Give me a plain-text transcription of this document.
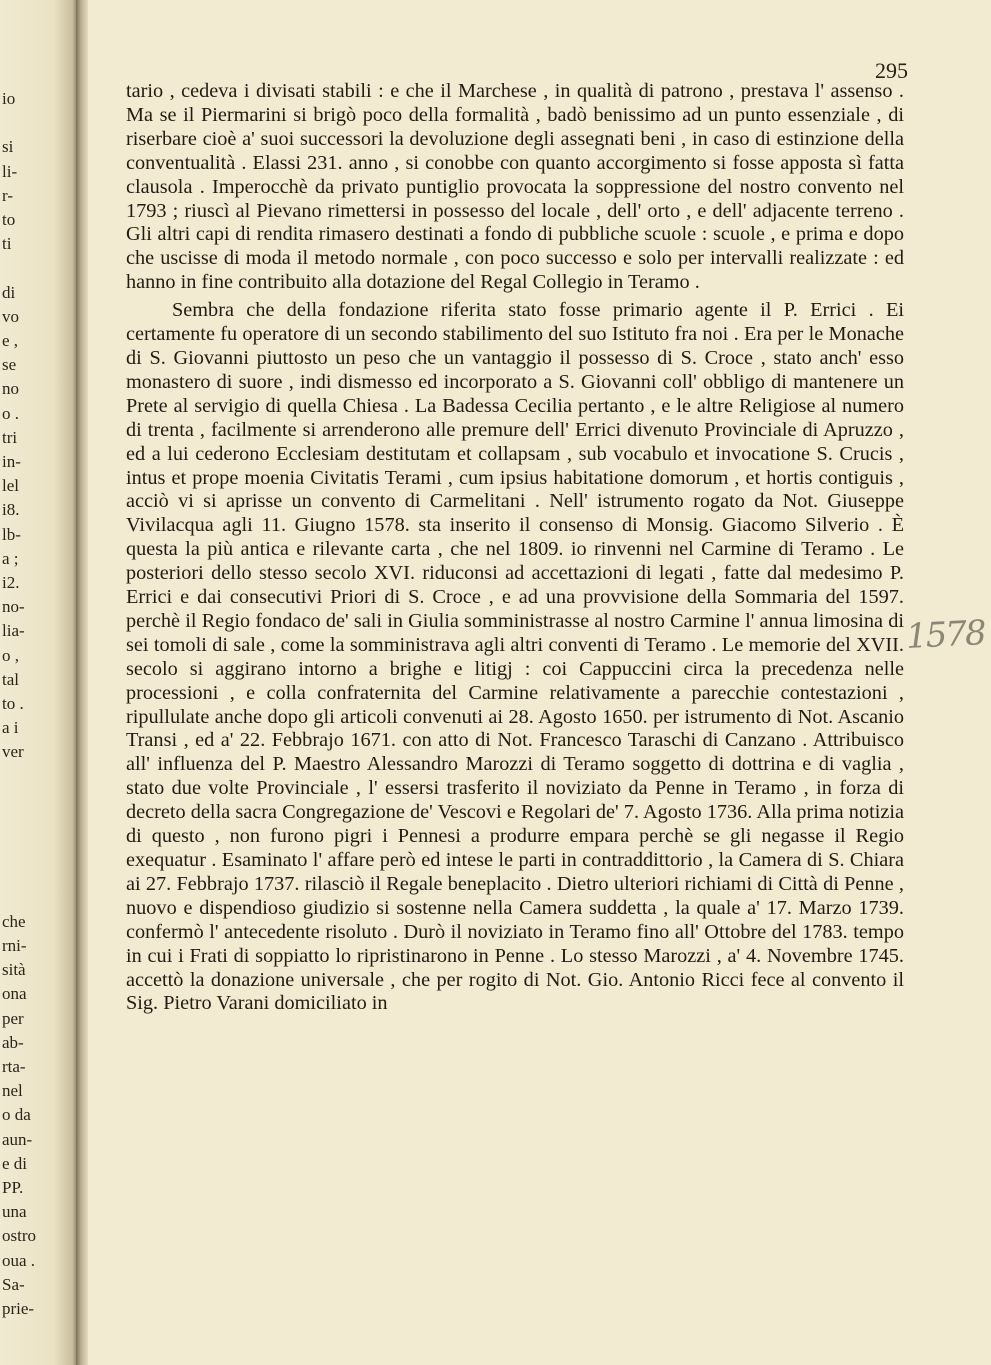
io
si
li-
r-
to
ti
di
vo
e ,
se
no
o .
tri
in-
lel
i8.
lb-
a ;
i2.
no-
lia-
o ,
tal
to .
a i
ver
che
rni-
sità
ona
per
ab-
rta-
nel
o da
aun-
e di
PP.
una
ostro
oua .
Sa-
prie-
295

tario , cedeva i divisati stabili : e che il Marchese , in qualità di patrono , prestava l' assenso . Ma se il Piermarini si brigò poco della formalità , badò benissimo ad un punto essenziale , di riserbare cioè a' suoi successori la devoluzione degli assegnati beni , in caso di estinzione della conventualità . Elassi 231. anno , si conobbe con quanto accorgimento si fosse apposta sì fatta clausola . Imperocchè da privato puntiglio provocata la soppressione del nostro convento nel 1793 ; riuscì al Pievano rimettersi in possesso del locale , dell' orto , e dell' adjacente terreno . Gli altri capi di rendita rimasero destinati a fondo di pubbliche scuole : scuole , e prima e dopo che uscisse di moda il metodo normale , con poco successo e solo per intervalli realizzate : ed hanno in fine contribuito alla dotazione del Regal Collegio in Teramo .

Sembra che della fondazione riferita stato fosse primario agente il P. Errici . Ei certamente fu operatore di un secondo stabilimento del suo Istituto fra noi . Era per le Monache di S. Giovanni piuttosto un peso che un vantaggio il possesso di S. Croce , stato anch' esso monastero di suore , indi dismesso ed incorporato a S. Giovanni coll' obbligo di mantenere un Prete al servigio di quella Chiesa . La Badessa Cecilia pertanto , e le altre Religiose al numero di trenta , facilmente si arrenderono alle premure dell' Errici divenuto Provinciale di Apruzzo , ed a lui cederono Ecclesiam destitutam et collapsam , sub vocabulo et invocatione S. Crucis , intus et prope moenia Civitatis Terami , cum ipsius habitatione domorum , et hortis contiguis , acciò vi si aprisse un convento di Carmelitani . Nell' istrumento rogato da Not. Giuseppe Vivilacqua agli 11. Giugno 1578. sta inserito il consenso di Monsig. Giacomo Silverio . È questa la più antica e rilevante carta , che nel 1809. io rinvenni nel Carmine di Teramo . Le posteriori dello stesso secolo XVI. riduconsi ad accettazioni di legati , fatte dal medesimo P. Errici e dai consecutivi Priori di S. Croce , e ad una provvisione della Sommaria del 1597. perchè il Regio fondaco de' sali in Giulia somministrasse al nostro Carmine l' annua limosina di sei tomoli di sale , come la somministrava agli altri conventi di Teramo . Le memorie del XVII. secolo si aggirano intorno a brighe e litigj : coi Cappuccini circa la precedenza nelle processioni , e colla confraternita del Carmine relativamente a parecchie contestazioni , ripullulate anche dopo gli articoli convenuti ai 28. Agosto 1650. per istrumento di Not. Ascanio Transi , ed a' 22. Febbrajo 1671. con atto di Not. Francesco Taraschi di Canzano . Attribuisco all' influenza del P. Maestro Alessandro Marozzi di Teramo soggetto di dottrina e di vaglia , stato due volte Provinciale , l' essersi trasferito il noviziato da Penne in Teramo , in forza di decreto della sacra Congregazione de' Vescovi e Regolari de' 7. Agosto 1736. Alla prima notizia di questo , non furono pigri i Pennesi a produrre empara perchè se gli negasse il Regio exequatur . Esaminato l' affare però ed intese le parti in contraddittorio , la Camera di S. Chiara ai 27. Febbrajo 1737. rilasciò il Regale beneplacito . Dietro ulteriori richiami di Città di Penne , nuovo e dispendioso giudizio si sostenne nella Camera suddetta , la quale a' 17. Marzo 1739. confermò l' antecedente risoluto . Durò il noviziato in Teramo fino all' Ottobre del 1783. tempo in cui i Frati di soppiatto lo ripristinarono in Penne . Lo stesso Marozzi , a' 4. Novembre 1745. accettò la donazione universale , che per rogito di Not. Gio. Antonio Ricci fece al convento il Sig. Pietro Varani domiciliato in

1578
